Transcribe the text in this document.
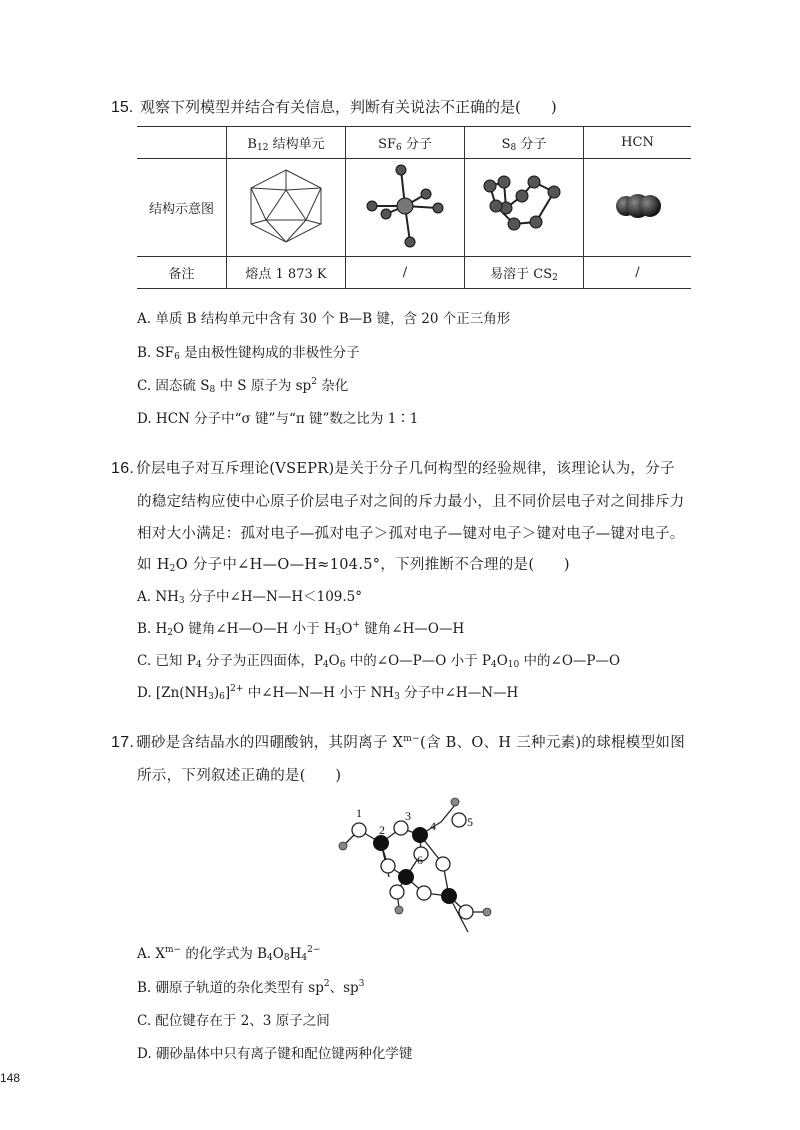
15. 观察下列模型并结合有关信息，判断有关说法不正确的是(　　)
	$B_{12}$ 结构单元	$SF_6$ 分子	$S_8$ 分子	HCN
结构示意图				
备注	熔点 1 873 K	/	易溶于 $CS_2$	/
A. 单质 B 结构单元中含有 30 个 B—B 键，含 20 个正三角形
B. $SF_6$ 是由极性键构成的非极性分子
C. 固态硫 $S_8$ 中 S 原子为 $sp^2$ 杂化
D. HCN 分子中“σ 键”与“π 键”数之比为 1∶1
16. 价层电子对互斥理论(VSEPR)是关于分子几何构型的经验规律，该理论认为，分子
的稳定结构应使中心原子价层电子对之间的斥力最小，且不同价层电子对之间排斥力
相对大小满足：孤对电子—孤对电子＞孤对电子—键对电子＞键对电子—键对电子。
如 $H_2O$ 分子中∠H—O—H≈104.5°，下列推断不合理的是(　　)
A. $NH_3$ 分子中∠H—N—H＜109.5°
B. $H_2O$ 键角∠H—O—H 小于 $H_3O^+$ 键角∠H—O—H
C. 已知 $P_4$ 分子为正四面体，$P_4O_6$ 中的∠O—P—O 小于 $P_4O_{10}$ 中的∠O—P—O
D. $[Zn(NH_3)_6]^{2+}$ 中∠H—N—H 小于 $NH_3$ 分子中∠H—N—H
17. 硼砂是含结晶水的四硼酸钠，其阴离子 $X^{m-}$(含 B、O、H 三种元素)的球棍模型如图
所示，下列叙述正确的是(　　)
1
2
3
4	5
6
A. $X^{m-}$ 的化学式为 $B_4O_8H_4^{2-}$
B. 硼原子轨道的杂化类型有 $sp^2$、$sp^3$
C. 配位键存在于 2、3 原子之间
D. 硼砂晶体中只有离子键和配位键两种化学键
148
